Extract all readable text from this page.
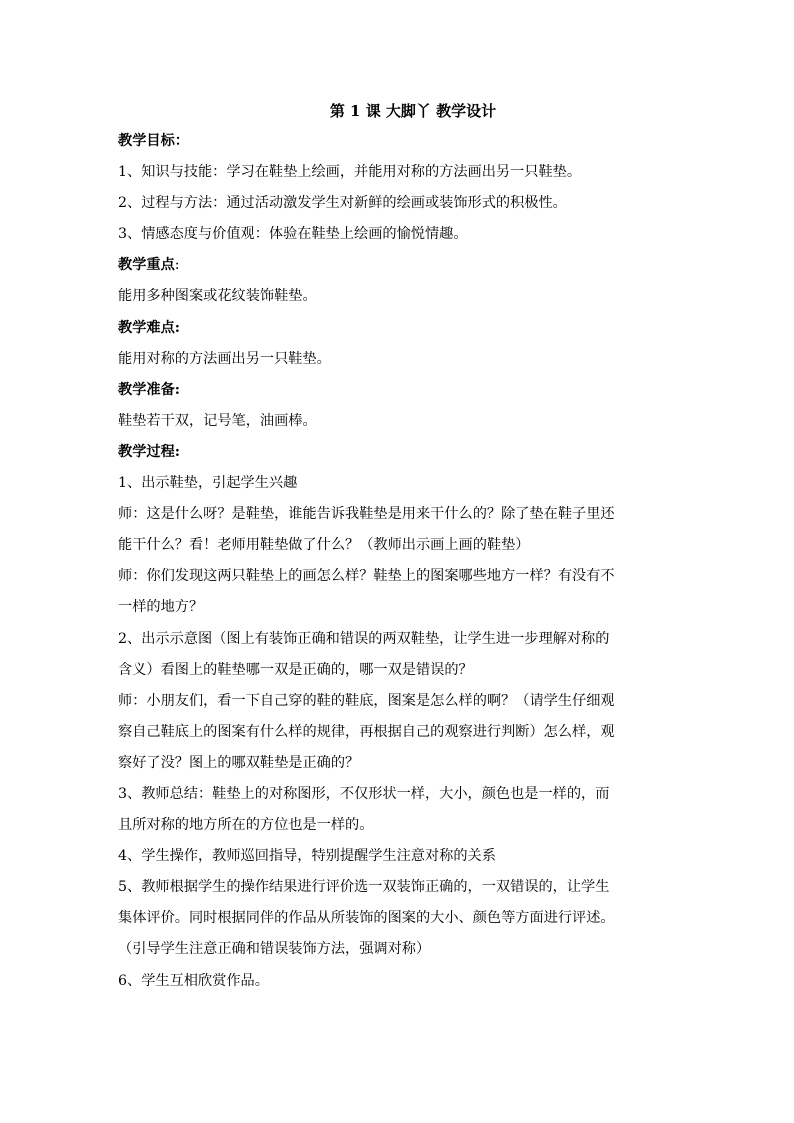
第 1 课 大脚丫 教学设计

教学目标：

1、知识与技能：学习在鞋垫上绘画，并能用对称的方法画出另一只鞋垫。

2、过程与方法：通过活动激发学生对新鲜的绘画或装饰形式的积极性。

3、情感态度与价值观：体验在鞋垫上绘画的愉悦情趣。

教学重点:

能用多种图案或花纹装饰鞋垫。

教学难点:

能用对称的方法画出另一只鞋垫。

教学准备:

鞋垫若干双，记号笔，油画棒。

教学过程:

1、出示鞋垫，引起学生兴趣

师：这是什么呀？是鞋垫，谁能告诉我鞋垫是用来干什么的？除了垫在鞋子里还

能干什么？看！老师用鞋垫做了什么？（教师出示画上画的鞋垫）

师：你们发现这两只鞋垫上的画怎么样？鞋垫上的图案哪些地方一样？有没有不

一样的地方？

2、出示示意图（图上有装饰正确和错误的两双鞋垫，让学生进一步理解对称的

含义）看图上的鞋垫哪一双是正确的，哪一双是错误的？

师：小朋友们，看一下自己穿的鞋的鞋底，图案是怎么样的啊？（请学生仔细观

察自己鞋底上的图案有什么样的规律，再根据自己的观察进行判断）怎么样，观

察好了没？图上的哪双鞋垫是正确的？

3、教师总结：鞋垫上的对称图形，不仅形状一样，大小，颜色也是一样的，而

且所对称的地方所在的方位也是一样的。

4、学生操作，教师巡回指导，特别提醒学生注意对称的关系

5、教师根据学生的操作结果进行评价选一双装饰正确的，一双错误的，让学生

集体评价。同时根据同伴的作品从所装饰的图案的大小、颜色等方面进行评述。

（引导学生注意正确和错误装饰方法，强调对称）

6、学生互相欣赏作品。
